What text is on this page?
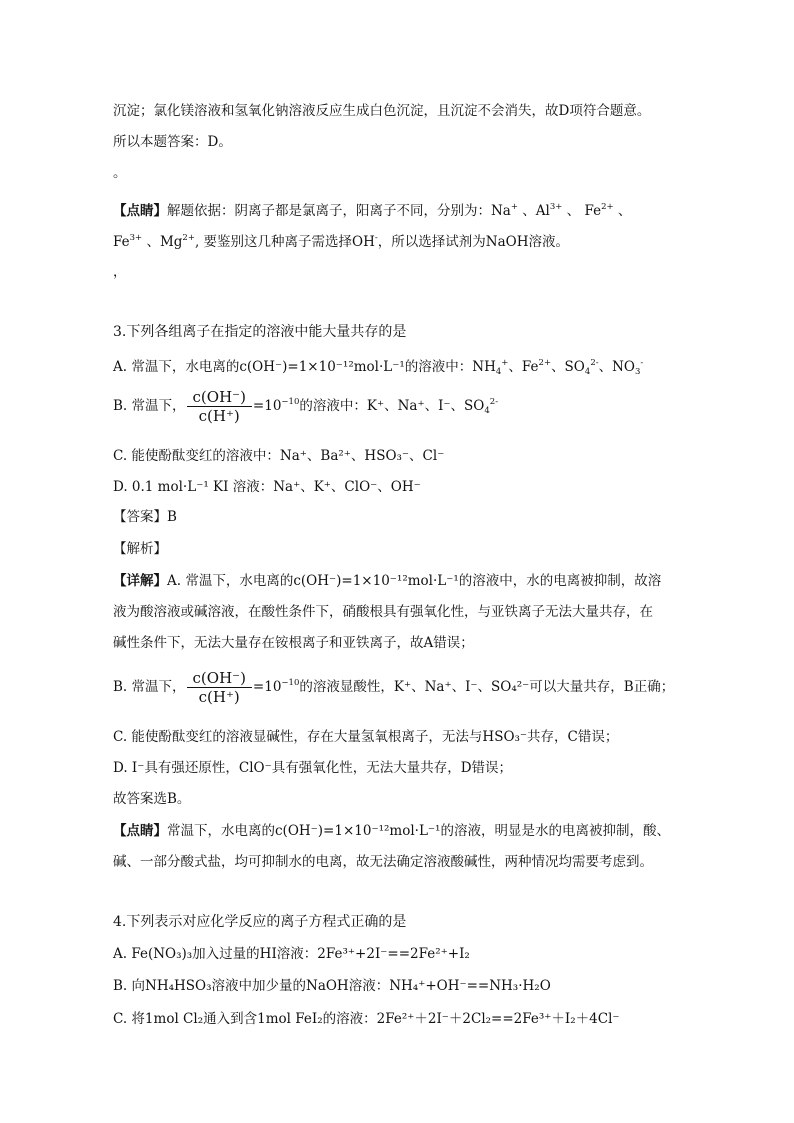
沉淀；氯化镁溶液和氢氧化钠溶液反应生成白色沉淀，且沉淀不会消失，故D项符合题意。
所以本题答案：D。
。
【点睛】解题依据：阴离子都是氯离子，阳离子不同，分别为：Na+ 、$Al^{3+}$ 、 $Fe^{2+}$ 、
$Fe^{3+}$ 、$Mg^{2+}$, 要鉴别这几种离子需选择OH-，所以选择试剂为NaOH溶液。
，
3.下列各组离子在指定的溶液中能大量共存的是
A. 常温下，水电离的c(OH⁻)=1×10⁻¹²mol·L⁻¹的溶液中：$NH_4^+$、$Fe^{2+}$、$SO_4^{2-}$、$NO_3^-$
B. 常温下， $\frac{c(OH^-)}{c(H^+)} =10^{-10}$的溶液中：K⁺、Na⁺、I⁻、$SO_4^{2-}$
C. 能使酚酞变红的溶液中：Na⁺、Ba²⁺、HSO₃⁻、Cl⁻
D. 0.1 mol·L⁻¹ KI 溶液：Na⁺、K⁺、ClO⁻、OH⁻
【答案】B
【解析】
【详解】A. 常温下，水电离的c(OH⁻)=1×10⁻¹²mol·L⁻¹的溶液中，水的电离被抑制，故溶
液为酸溶液或碱溶液，在酸性条件下，硝酸根具有强氧化性，与亚铁离子无法大量共存，在
碱性条件下，无法大量存在铵根离子和亚铁离子，故A错误；
B. 常温下， $\frac{c(OH^-)}{c(H^+)} =10^{-10}$的溶液显酸性，K⁺、Na⁺、I⁻、SO₄²⁻可以大量共存，B正确；
C. 能使酚酞变红的溶液显碱性，存在大量氢氧根离子，无法与HSO₃⁻共存，C错误；
D. I⁻具有强还原性，ClO⁻具有强氧化性，无法大量共存，D错误；
故答案选B。
【点睛】常温下，水电离的c(OH⁻)=1×10⁻¹²mol·L⁻¹的溶液，明显是水的电离被抑制，酸、
碱、一部分酸式盐，均可抑制水的电离，故无法确定溶液酸碱性，两种情况均需要考虑到。
4.下列表示对应化学反应的离子方程式正确的是
A. Fe(NO₃)₃加入过量的HI溶液：2Fe³⁺+2I⁻==2Fe²⁺+I₂
B. 向NH₄HSO₃溶液中加少量的NaOH溶液：NH₄⁺+OH⁻==NH₃·H₂O
C. 将1mol Cl₂通入到含1mol FeI₂的溶液：2Fe²⁺＋2I⁻＋2Cl₂==2Fe³⁺＋I₂＋4Cl⁻
